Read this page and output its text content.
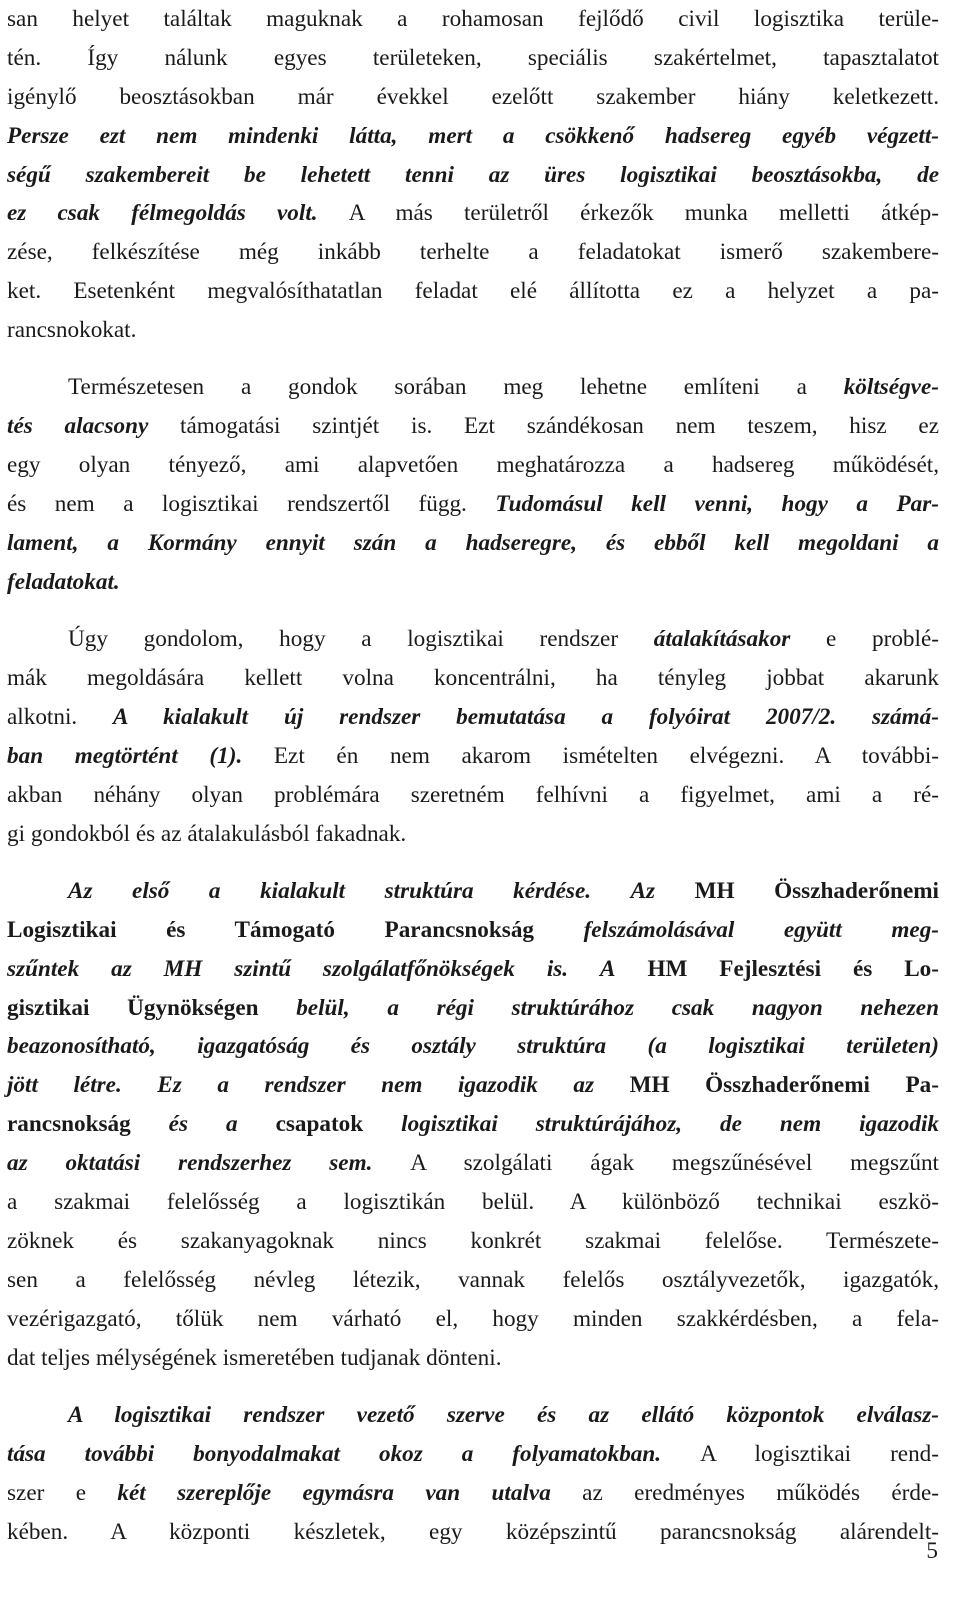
san helyet találtak maguknak a rohamosan fejlődő civil logisztika terüle-
tén. Így nálunk egyes területeken, speciális szakértelmet, tapasztalatot
igénylő beosztásokban már évekkel ezelőtt szakember hiány keletkezett.
Persze ezt nem mindenki látta, mert a csökkenő hadsereg egyéb végzett-
ségű szakembereit be lehetett tenni az üres logisztikai beosztásokba, de
ez csak félmegoldás volt. A más területről érkezők munka melletti átkép-
zése, felkészítése még inkább terhelte a feladatokat ismerő szakembere-
ket. Esetenként megvalósíthatatlan feladat elé állította ez a helyzet a pa-
rancsnokokat.
Természetesen a gondok sorában meg lehetne említeni a költségve-
tés alacsony támogatási szintjét is. Ezt szándékosan nem teszem, hisz ez
egy olyan tényező, ami alapvetően meghatározza a hadsereg működését,
és nem a logisztikai rendszertől függ. Tudomásul kell venni, hogy a Par-
lament, a Kormány ennyit szán a hadseregre, és ebből kell megoldani a
feladatokat.
Úgy gondolom, hogy a logisztikai rendszer átalakításakor e problé-
mák megoldására kellett volna koncentrálni, ha tényleg jobbat akarunk
alkotni. A kialakult új rendszer bemutatása a folyóirat 2007/2. számá-
ban megtörtént (1). Ezt én nem akarom ismételten elvégezni. A további-
akban néhány olyan problémára szeretném felhívni a figyelmet, ami a ré-
gi gondokból és az átalakulásból fakadnak.
Az első a kialakult struktúra kérdése. Az MH Összhaderőnemi
Logisztikai és Támogató Parancsnokság felszámolásával együtt meg-
szűntek az MH szintű szolgálatfőnökségek is. A HM Fejlesztési és Lo-
gisztikai Ügynökségen belül, a régi struktúrához csak nagyon nehezen
beazonosítható, igazgatóság és osztály struktúra (a logisztikai területen)
jött létre. Ez a rendszer nem igazodik az MH Összhaderőnemi Pa-
rancsnokság és a csapatok logisztikai struktúrájához, de nem igazodik
az oktatási rendszerhez sem. A szolgálati ágak megszűnésével megszűnt
a szakmai felelősség a logisztikán belül. A különböző technikai eszkö-
zöknek és szakanyagoknak nincs konkrét szakmai felelőse. Természete-
sen a felelősség névleg létezik, vannak felelős osztályvezetők, igazgatók,
vezérigazgató, tőlük nem várható el, hogy minden szakkérdésben, a fela-
dat teljes mélységének ismeretében tudjanak dönteni.
A logisztikai rendszer vezető szerve és az ellátó központok elválasz-
tása további bonyodalmakat okoz a folyamatokban. A logisztikai rend-
szer e két szereplője egymásra van utalva az eredményes működés érde-
kében. A központi készletek, egy középszintű parancsnokság alárendelt-
5
